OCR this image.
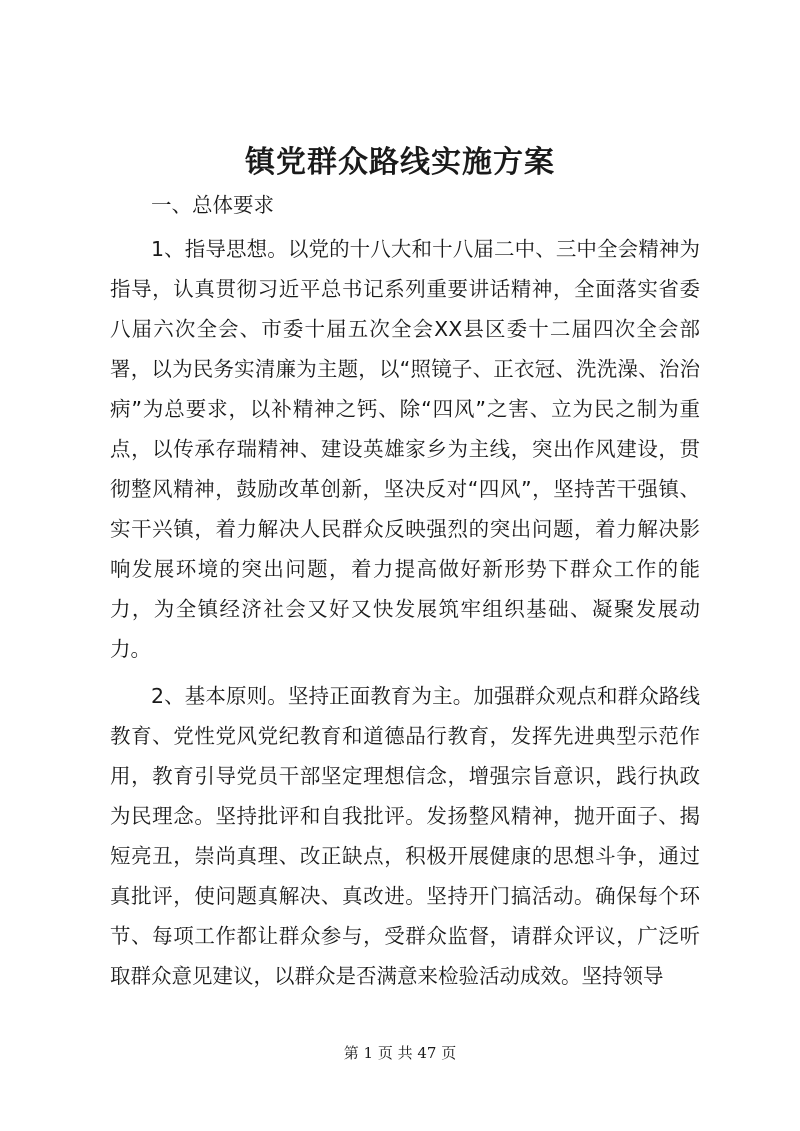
镇党群众路线实施方案

一、总体要求

1、指导思想。以党的十八大和十八届二中、三中全会精神为指导，认真贯彻习近平总书记系列重要讲话精神，全面落实省委八届六次全会、市委十届五次全会XX县区委十二届四次全会部署，以为民务实清廉为主题，以“照镜子、正衣冠、洗洗澡、治治病”为总要求，以补精神之钙、除“四风”之害、立为民之制为重点，以传承存瑞精神、建设英雄家乡为主线，突出作风建设，贯彻整风精神，鼓励改革创新，坚决反对“四风”，坚持苦干强镇、实干兴镇，着力解决人民群众反映强烈的突出问题，着力解决影响发展环境的突出问题，着力提高做好新形势下群众工作的能力，为全镇经济社会又好又快发展筑牢组织基础、凝聚发展动力。

2、基本原则。坚持正面教育为主。加强群众观点和群众路线教育、党性党风党纪教育和道德品行教育，发挥先进典型示范作用，教育引导党员干部坚定理想信念，增强宗旨意识，践行执政为民理念。坚持批评和自我批评。发扬整风精神，抛开面子、揭短亮丑，崇尚真理、改正缺点，积极开展健康的思想斗争，通过真批评，使问题真解决、真改进。坚持开门搞活动。确保每个环节、每项工作都让群众参与，受群众监督，请群众评议，广泛听取群众意见建议，以群众是否满意来检验活动成效。坚持领导

第 1 页 共 47 页
